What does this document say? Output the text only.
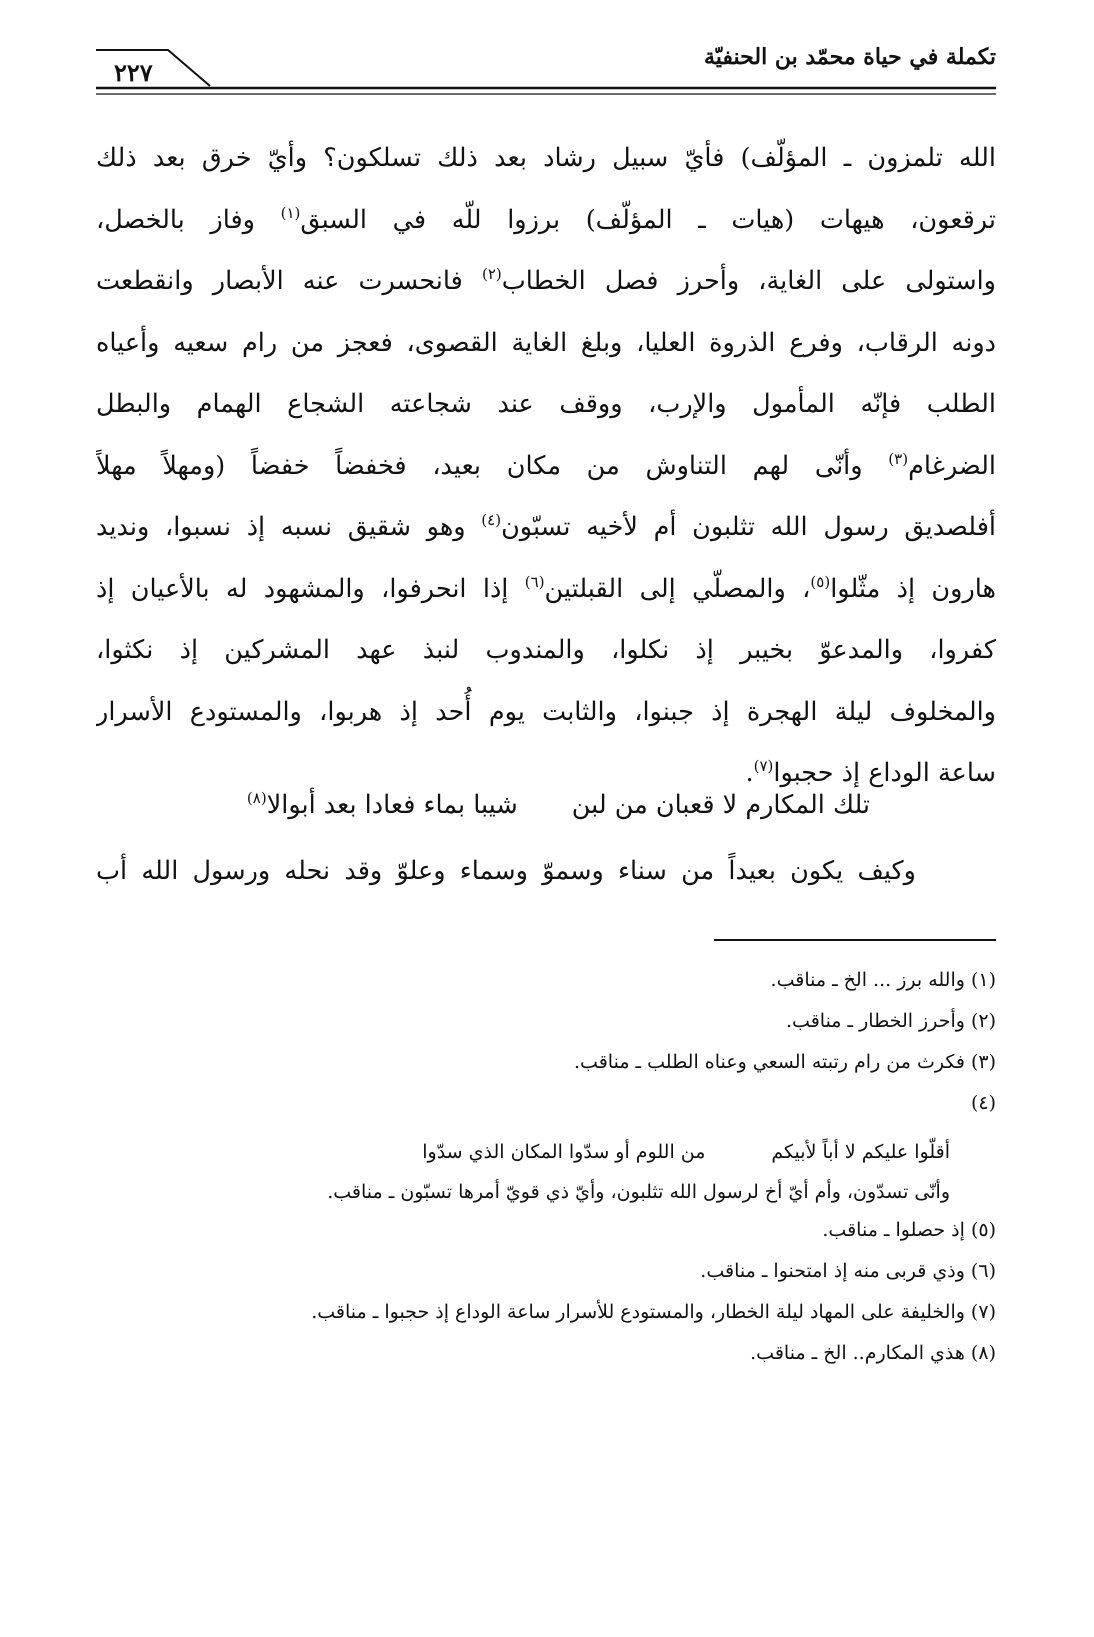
تكملة في حياة محمّد بن الحنفيّة
٢٢٧
الله تلمزون ـ المؤلّف) فأيّ سبيل رشاد بعد ذلك تسلكون؟ وأيّ خرق بعد ذلك
ترقعون، هيهات (هيات ـ المؤلّف) برزوا للّه في السبق$^{(١)}$ وفاز بالخصل،
واستولى على الغاية، وأحرز فصل الخطاب$^{(٢)}$ فانحسرت عنه الأبصار وانقطعت
دونه الرقاب، وفرع الذروة العليا، وبلغ الغاية القصوى، فعجز من رام سعيه وأعياه
الطلب فإنّه المأمول والإرب، ووقف عند شجاعته الشجاع الهمام والبطل
الضرغام$^{(٣)}$ وأنّى لهم التناوش من مكان بعيد، فخفضاً خفضاً (ومهلاً مهلاً
أفلصديق رسول الله تثلبون أم لأخيه تسبّون$^{(٤)}$ وهو شقيق نسبه إذ نسبوا، ونديد
هارون إذ مثّلوا$^{(٥)}$، والمصلّي إلى القبلتين$^{(٦)}$ إذا انحرفوا، والمشهود له بالأعيان إذ
كفروا، والمدعوّ بخيبر إذ نكلوا، والمندوب لنبذ عهد المشركين إذ نكثوا،
والمخلوف ليلة الهجرة إذ جبنوا، والثابت يوم أُحد إذ هربوا، والمستودع الأسرار
ساعة الوداع إذ حجبوا$^{(٧)}$.
تلك المكارم لا قعبان من لبنشيبا بماء فعادا بعد أبوالا$^{(٨)}$
وكيف يكون بعيداً من سناء وسموّ وسماء وعلوّ وقد نحله ورسول الله أب
(١) والله برز ... الخ ـ مناقب.
(٢) وأحرز الخطار ـ مناقب.
(٣) فكرث من رام رتبته السعي وعناه الطلب ـ مناقب.
(٤)
أقلّوا عليكم لا أباً لأبيكممن اللوم أو سدّوا المكان الذي سدّوا
وأنّى تسدّون، وأم أيّ أخ لرسول الله تثلبون، وأيّ ذي قويّ أمرها تسبّون ـ مناقب.
(٥) إذ حصلوا ـ مناقب.
(٦) وذي قربى منه إذ امتحنوا ـ مناقب.
(٧) والخليفة على المهاد ليلة الخطار، والمستودع للأسرار ساعة الوداع إذ حجبوا ـ مناقب.
(٨) هذي المكارم.. الخ ـ مناقب.
